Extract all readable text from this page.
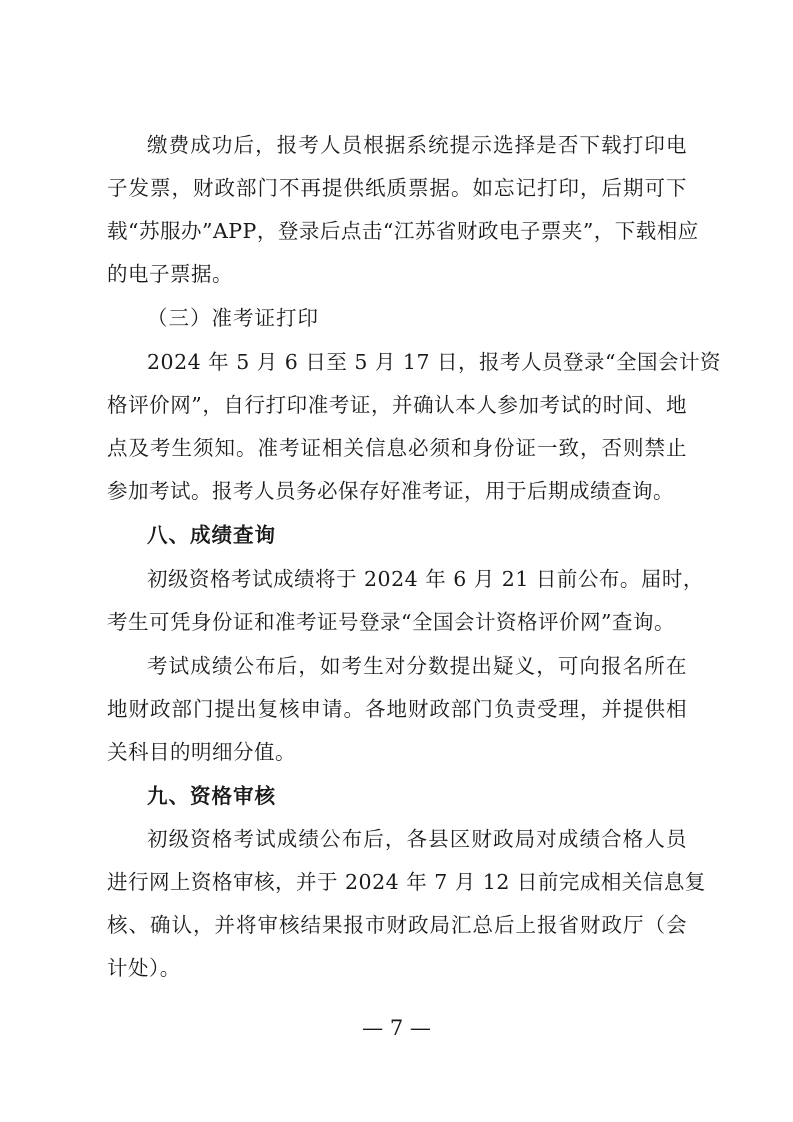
缴费成功后，报考人员根据系统提示选择是否下载打印电
子发票，财政部门不再提供纸质票据。如忘记打印，后期可下
载“苏服办”APP，登录后点击“江苏省财政电子票夹”，下载相应
的电子票据。
（三）准考证打印
2024 年 5 月 6 日至 5 月 17 日，报考人员登录“全国会计资
格评价网”，自行打印准考证，并确认本人参加考试的时间、地
点及考生须知。准考证相关信息必须和身份证一致，否则禁止
参加考试。报考人员务必保存好准考证，用于后期成绩查询。
八、成绩查询
初级资格考试成绩将于 2024 年 6 月 21 日前公布。届时，
考生可凭身份证和准考证号登录“全国会计资格评价网”查询。
考试成绩公布后，如考生对分数提出疑义，可向报名所在
地财政部门提出复核申请。各地财政部门负责受理，并提供相
关科目的明细分值。
九、资格审核
初级资格考试成绩公布后，各县区财政局对成绩合格人员
进行网上资格审核，并于 2024 年 7 月 12 日前完成相关信息复
核、确认，并将审核结果报市财政局汇总后上报省财政厅（会
计处）。
— 7 —
